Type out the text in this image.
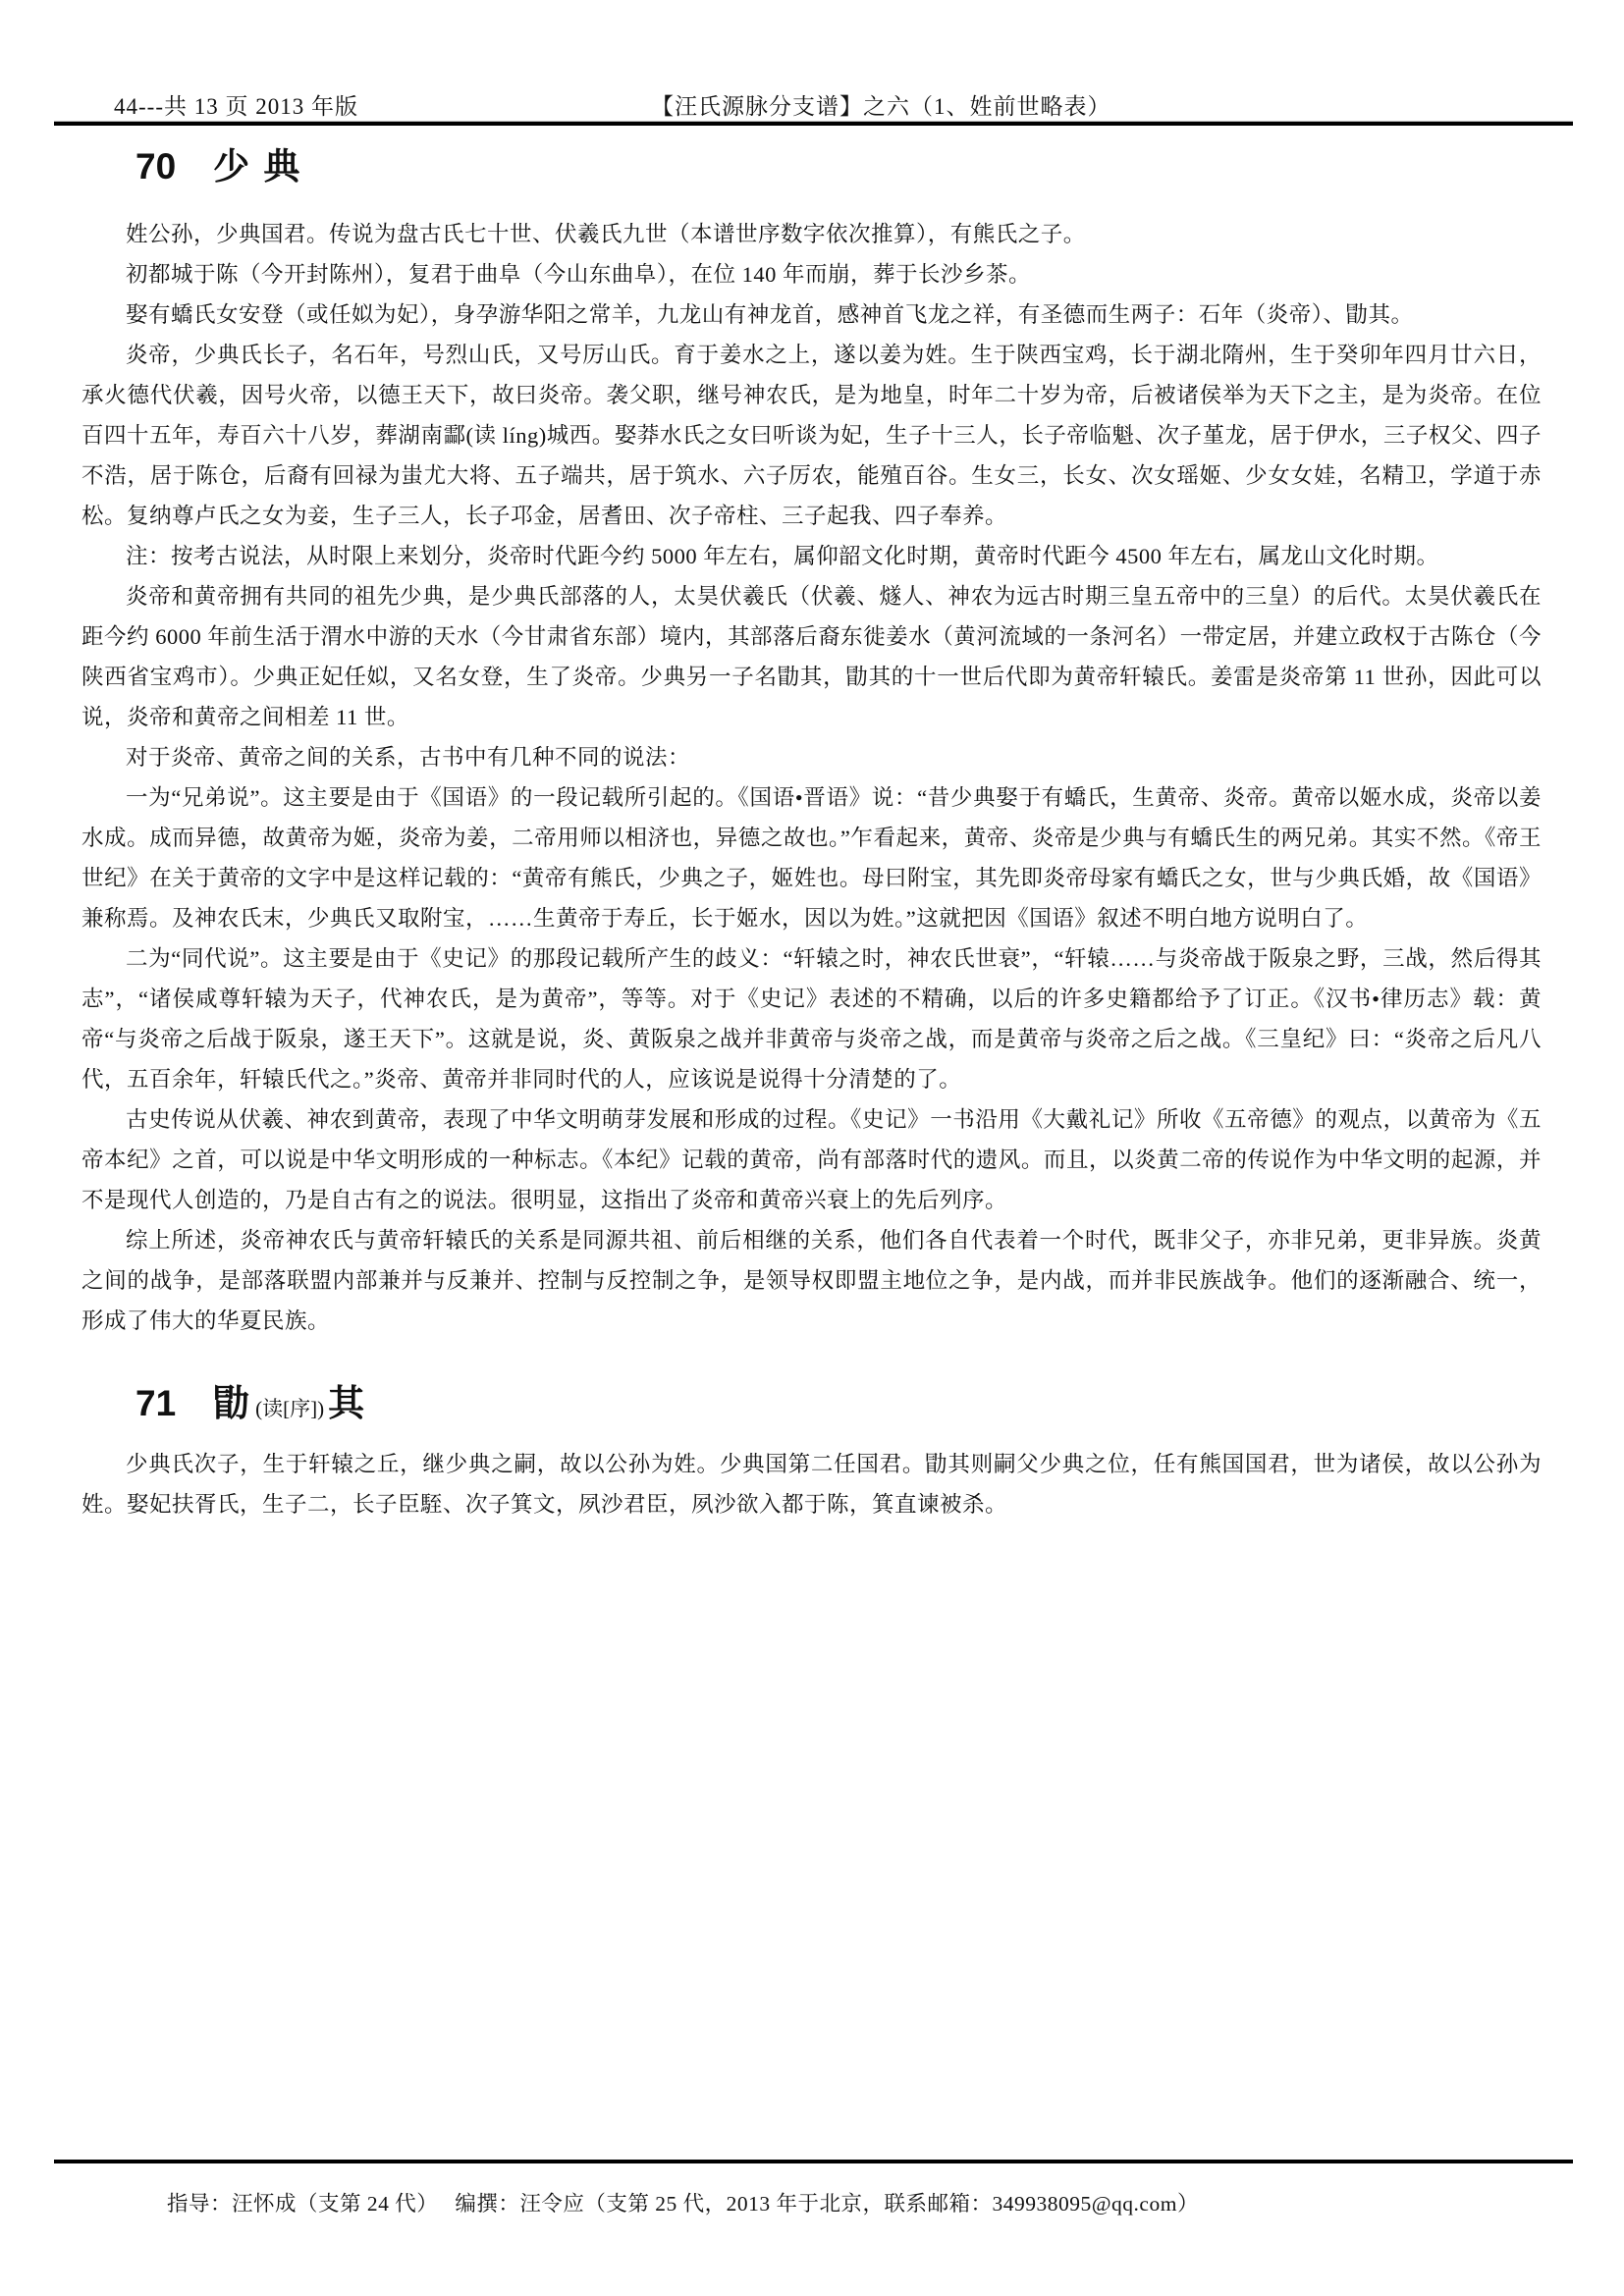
44---共 13 页 2013 年版	【汪氏源脉分支谱】之六（1、姓前世略表）
70 少 典

姓公孙，少典国君。传说为盘古氏七十世、伏羲氏九世（本谱世序数字依次推算），有熊氏之子。

初都城于陈（今开封陈州），复君于曲阜（今山东曲阜），在位 140 年而崩，葬于长沙乡茶。

娶有蟜氏女安登（或任姒为妃），身孕游华阳之常羊，九龙山有神龙首，感神首飞龙之祥，有圣德而生两子：石年（炎帝）、勖其。

炎帝，少典氏长子，名石年，号烈山氏，又号厉山氏。育于姜水之上，遂以姜为姓。生于陕西宝鸡，长于湖北隋州，生于癸卯年四月廿六日，承火德代伏羲，因号火帝，以德王天下，故曰炎帝。袭父职，继号神农氏，是为地皇，时年二十岁为帝，后被诸侯举为天下之主，是为炎帝。在位百四十五年，寿百六十八岁，葬湖南酃(读 líng)城西。娶莽水氏之女曰听谈为妃，生子十三人，长子帝临魁、次子堇龙，居于伊水，三子权父、四子不浩，居于陈仓，后裔有回禄为蚩尤大将、五子端共，居于筑水、六子厉农，能殖百谷。生女三，长女、次女瑶姬、少女女娃，名精卫，学道于赤松。复纳尊卢氏之女为妾，生子三人，长子邛金，居耆田、次子帝柱、三子起我、四子奉养。

注：按考古说法，从时限上来划分，炎帝时代距今约 5000 年左右，属仰韶文化时期，黄帝时代距今 4500 年左右，属龙山文化时期。

炎帝和黄帝拥有共同的祖先少典，是少典氏部落的人，太昊伏羲氏（伏羲、燧人、神农为远古时期三皇五帝中的三皇）的后代。太昊伏羲氏在距今约 6000 年前生活于渭水中游的天水（今甘肃省东部）境内，其部落后裔东徙姜水（黄河流域的一条河名）一带定居，并建立政权于古陈仓（今陕西省宝鸡市）。少典正妃任姒，又名女登，生了炎帝。少典另一子名勖其，勖其的十一世后代即为黄帝轩辕氏。姜雷是炎帝第 11 世孙，因此可以说，炎帝和黄帝之间相差 11 世。

对于炎帝、黄帝之间的关系，古书中有几种不同的说法：

一为“兄弟说”。这主要是由于《国语》的一段记载所引起的。《国语•晋语》说：“昔少典娶于有蟜氏，生黄帝、炎帝。黄帝以姬水成，炎帝以姜水成。成而异德，故黄帝为姬，炎帝为姜，二帝用师以相济也，异德之故也。”乍看起来，黄帝、炎帝是少典与有蟜氏生的两兄弟。其实不然。《帝王世纪》在关于黄帝的文字中是这样记载的：“黄帝有熊氏，少典之子，姬姓也。母曰附宝，其先即炎帝母家有蟜氏之女，世与少典氏婚，故《国语》兼称焉。及神农氏末，少典氏又取附宝，……生黄帝于寿丘，长于姬水，因以为姓。”这就把因《国语》叙述不明白地方说明白了。

二为“同代说”。这主要是由于《史记》的那段记载所产生的歧义：“轩辕之时，神农氏世衰”，“轩辕……与炎帝战于阪泉之野，三战，然后得其志”，“诸侯咸尊轩辕为天子，代神农氏，是为黄帝”，等等。对于《史记》表述的不精确，以后的许多史籍都给予了订正。《汉书•律历志》载：黄帝“与炎帝之后战于阪泉，遂王天下”。这就是说，炎、黄阪泉之战并非黄帝与炎帝之战，而是黄帝与炎帝之后之战。《三皇纪》曰：“炎帝之后凡八代，五百余年，轩辕氏代之。”炎帝、黄帝并非同时代的人，应该说是说得十分清楚的了。

古史传说从伏羲、神农到黄帝，表现了中华文明萌芽发展和形成的过程。《史记》一书沿用《大戴礼记》所收《五帝德》的观点，以黄帝为《五帝本纪》之首，可以说是中华文明形成的一种标志。《本纪》记载的黄帝，尚有部落时代的遗风。而且，以炎黄二帝的传说作为中华文明的起源，并不是现代人创造的，乃是自古有之的说法。很明显，这指出了炎帝和黄帝兴衰上的先后列序。

综上所述，炎帝神农氏与黄帝轩辕氏的关系是同源共祖、前后相继的关系，他们各自代表着一个时代，既非父子，亦非兄弟，更非异族。炎黄之间的战争，是部落联盟内部兼并与反兼并、控制与反控制之争，是领导权即盟主地位之争，是内战，而并非民族战争。他们的逐渐融合、统一，形成了伟大的华夏民族。

71 勖 (读[序]) 其

少典氏次子，生于轩辕之丘，继少典之嗣，故以公孙为姓。少典国第二任国君。勖其则嗣父少典之位，任有熊国国君，世为诸侯，故以公孙为姓。娶妃扶胥氏，生子二，长子臣駤、次子箕文，夙沙君臣，夙沙欲入都于陈，箕直谏被杀。

指导：汪怀成（支第 24 代）　 编撰：汪令应（支第 25 代，2013 年于北京，联系邮箱：349938095@qq.com）
